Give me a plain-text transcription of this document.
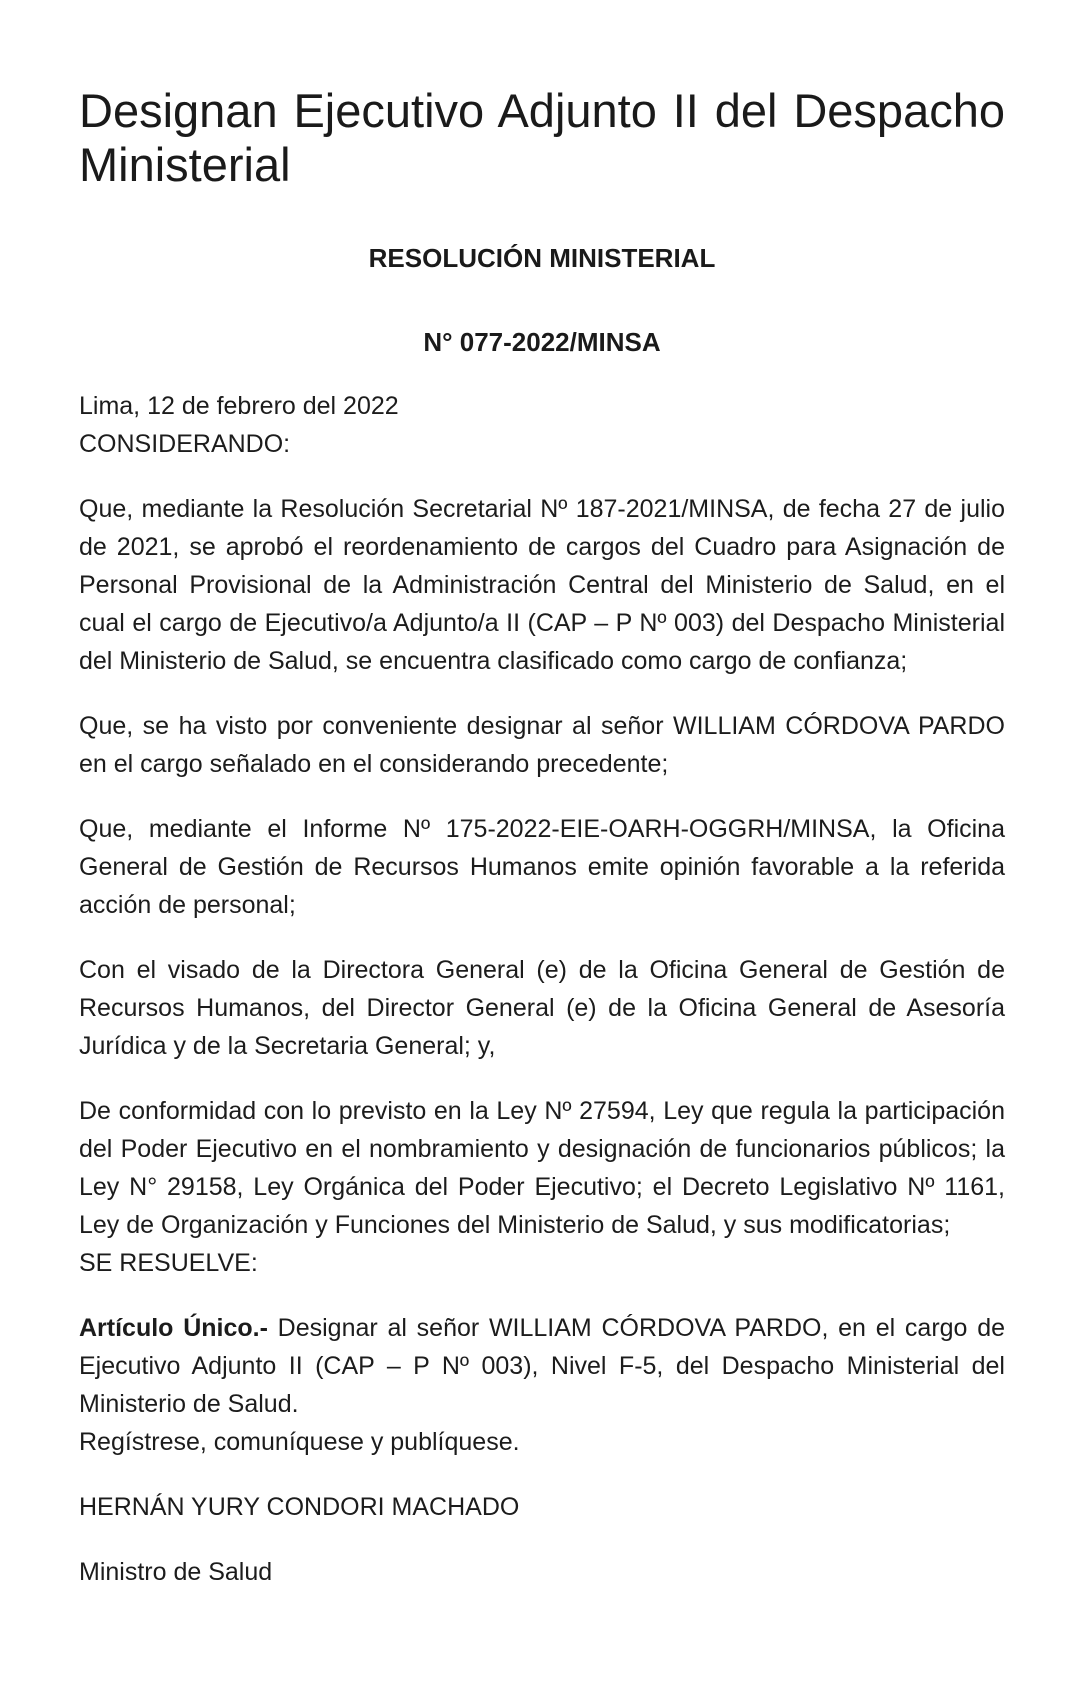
Designan Ejecutivo Adjunto II del Despacho Ministerial

RESOLUCIÓN MINISTERIAL

N° 077-2022/MINSA

Lima, 12 de febrero del 2022

CONSIDERANDO:

Que, mediante la Resolución Secretarial Nº 187-2021/MINSA, de fecha 27 de julio de 2021, se aprobó el reordenamiento de cargos del Cuadro para Asignación de Personal Provisional de la Administración Central del Ministerio de Salud, en el cual el cargo de Ejecutivo/a Adjunto/a II (CAP – P Nº 003) del Despacho Ministerial del Ministerio de Salud, se encuentra clasificado como cargo de confianza;

Que, se ha visto por conveniente designar al señor WILLIAM CÓRDOVA PARDO en el cargo señalado en el considerando precedente;

Que, mediante el Informe Nº 175-2022-EIE-OARH-OGGRH/MINSA, la Oficina General de Gestión de Recursos Humanos emite opinión favorable a la referida acción de personal;

Con el visado de la Directora General (e) de la Oficina General de Gestión de Recursos Humanos, del Director General (e) de la Oficina General de Asesoría Jurídica y de la Secretaria General; y,

De conformidad con lo previsto en la Ley Nº 27594, Ley que regula la participación del Poder Ejecutivo en el nombramiento y designación de funcionarios públicos; la Ley N° 29158, Ley Orgánica del Poder Ejecutivo; el Decreto Legislativo Nº 1161, Ley de Organización y Funciones del Ministerio de Salud, y sus modificatorias;

SE RESUELVE:

Artículo Único.- Designar al señor WILLIAM CÓRDOVA PARDO, en el cargo de Ejecutivo Adjunto II (CAP – P Nº 003), Nivel F-5, del Despacho Ministerial del Ministerio de Salud.

Regístrese, comuníquese y publíquese.

HERNÁN YURY CONDORI MACHADO

Ministro de Salud
